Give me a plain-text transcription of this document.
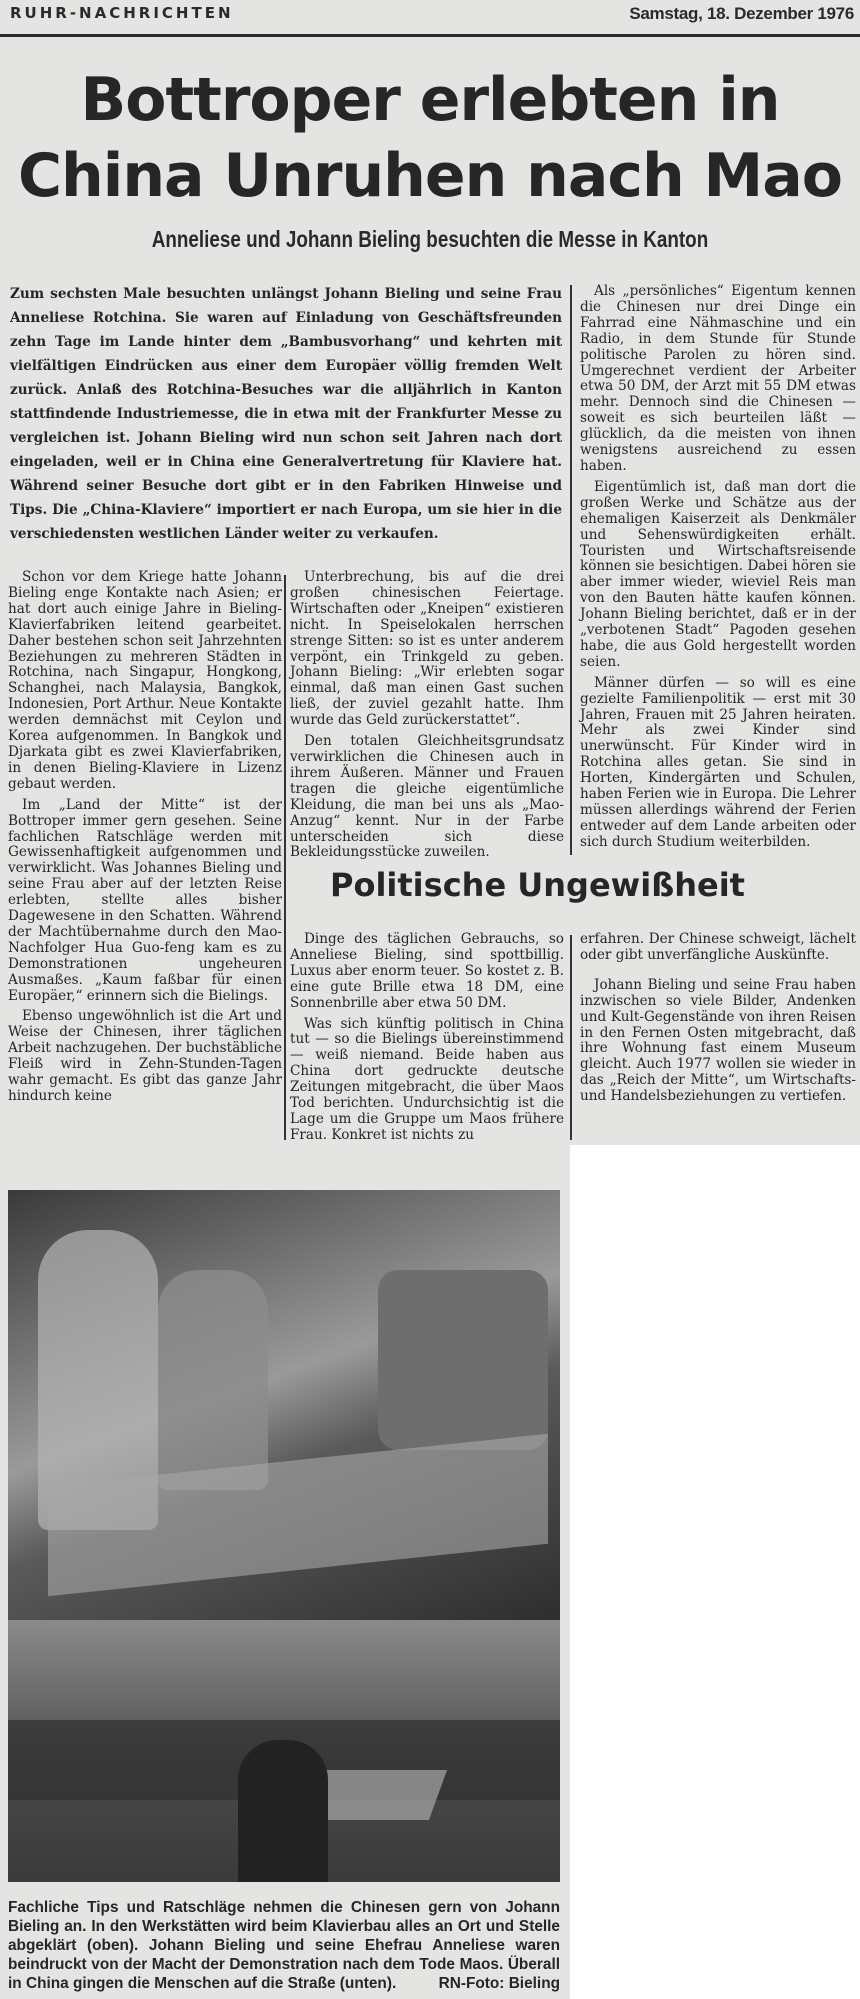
RUHR-NACHRICHTEN	Samstag, 18. Dezember 1976
Bottroper erlebten in
China Unruhen nach Mao
Anneliese und Johann Bieling besuchten die Messe in Kanton
Zum sechsten Male besuchten unlängst Johann Bieling und seine Frau Anneliese Rotchina. Sie waren auf Einladung von Geschäftsfreunden zehn Tage im Lande hinter dem „Bambusvorhang“ und kehrten mit vielfältigen Eindrücken aus einer dem Europäer völlig fremden Welt zurück. Anlaß des Rotchina-Besuches war die alljährlich in Kanton stattfindende Industriemesse, die in etwa mit der Frankfurter Messe zu vergleichen ist. Johann Bieling wird nun schon seit Jahren nach dort eingeladen, weil er in China eine Generalvertretung für Klaviere hat. Während seiner Besuche dort gibt er in den Fabriken Hinweise und Tips. Die „China-Klaviere“ importiert er nach Europa, um sie hier in die verschiedensten westlichen Länder weiter zu verkaufen.

Schon vor dem Kriege hatte Johann Bieling enge Kontakte nach Asien; er hat dort auch einige Jahre in Bieling-Klavierfabriken leitend gearbeitet. Daher bestehen schon seit Jahrzehnten Beziehungen zu mehreren Städten in Rotchina, nach Singapur, Hongkong, Schanghei, nach Malaysia, Bangkok, Indonesien, Port Arthur. Neue Kontakte werden demnächst mit Ceylon und Korea aufgenommen. In Bangkok und Djarkata gibt es zwei Klavierfabriken, in denen Bieling-Klaviere in Lizenz gebaut werden.

Im „Land der Mitte“ ist der Bottroper immer gern gesehen. Seine fachlichen Ratschläge werden mit Gewissenhaftigkeit aufgenommen und verwirklicht. Was Johannes Bieling und seine Frau aber auf der letzten Reise erlebten, stellte alles bisher Dagewesene in den Schatten. Während der Machtübernahme durch den Mao-Nachfolger Hua Guo-feng kam es zu Demonstrationen ungeheuren Ausmaßes. „Kaum faßbar für einen Europäer,“ erinnern sich die Bielings.

Ebenso ungewöhnlich ist die Art und Weise der Chinesen, ihrer täglichen Arbeit nachzugehen. Der buchstäbliche Fleiß wird in Zehn-Stunden-Tagen wahr gemacht. Es gibt das ganze Jahr hindurch keine

Unterbrechung, bis auf die drei großen chinesischen Feiertage. Wirtschaften oder „Kneipen“ existieren nicht. In Speiselokalen herrschen strenge Sitten: so ist es unter anderem verpönt, ein Trinkgeld zu geben. Johann Bieling: „Wir erlebten sogar einmal, daß man einen Gast suchen ließ, der zuviel gezahlt hatte. Ihm wurde das Geld zurückerstattet“.

Den totalen Gleichheitsgrundsatz verwirklichen die Chinesen auch in ihrem Äußeren. Männer und Frauen tragen die gleiche eigentümliche Kleidung, die man bei uns als „Mao-Anzug“ kennt. Nur in der Farbe unterscheiden sich diese Bekleidungsstücke zuweilen.

Als „persönliches“ Eigentum kennen die Chinesen nur drei Dinge ein Fahrrad eine Nähmaschine und ein Radio, in dem Stunde für Stunde politische Parolen zu hören sind. Umgerechnet verdient der Arbeiter etwa 50 DM, der Arzt mit 55 DM etwas mehr. Dennoch sind die Chinesen — soweit es sich beurteilen läßt — glücklich, da die meisten von ihnen wenigstens ausreichend zu essen haben.

Eigentümlich ist, daß man dort die großen Werke und Schätze aus der ehemaligen Kaiserzeit als Denkmäler und Sehenswürdigkeiten erhält. Touristen und Wirtschaftsreisende können sie besichtigen. Dabei hören sie aber immer wieder, wieviel Reis man von den Bauten hätte kaufen können. Johann Bieling berichtet, daß er in der „verbotenen Stadt“ Pagoden gesehen habe, die aus Gold hergestellt worden seien.

Männer dürfen — so will es eine gezielte Familienpolitik — erst mit 30 Jahren, Frauen mit 25 Jahren heiraten. Mehr als zwei Kinder sind unerwünscht. Für Kinder wird in Rotchina alles getan. Sie sind in Horten, Kindergärten und Schulen, haben Ferien wie in Europa. Die Lehrer müssen allerdings während der Ferien entweder auf dem Lande arbeiten oder sich durch Studium weiterbilden.

Politische Ungewißheit

Dinge des täglichen Gebrauchs, so Anneliese Bieling, sind spottbillig. Luxus aber enorm teuer. So kostet z. B. eine gute Brille etwa 18 DM, eine Sonnenbrille aber etwa 50 DM.

Was sich künftig politisch in China tut — so die Bielings übereinstimmend — weiß niemand. Beide haben aus China dort gedruckte deutsche Zeitungen mitgebracht, die über Maos Tod berichten. Undurchsichtig ist die Lage um die Gruppe um Maos frühere Frau. Konkret ist nichts zu

erfahren. Der Chinese schweigt, lächelt oder gibt unverfängliche Auskünfte.

Johann Bieling und seine Frau haben inzwischen so viele Bilder, Andenken und Kult-Gegenstände von ihren Reisen in den Fernen Osten mitgebracht, daß ihre Wohnung fast einem Museum gleicht. Auch 1977 wollen sie wieder in das „Reich der Mitte“, um Wirtschafts- und Handelsbeziehungen zu vertiefen.

Fachliche Tips und Ratschläge nehmen die Chinesen gern von Johann Bieling an. In den Werkstätten wird beim Klavierbau alles an Ort und Stelle abgeklärt (oben). Johann Bieling und seine Ehefrau Anneliese waren beindruckt von der Macht der Demonstration nach dem Tode Maos. Überall in China gingen die Menschen auf die Straße (unten).	RN-Foto: Bieling
